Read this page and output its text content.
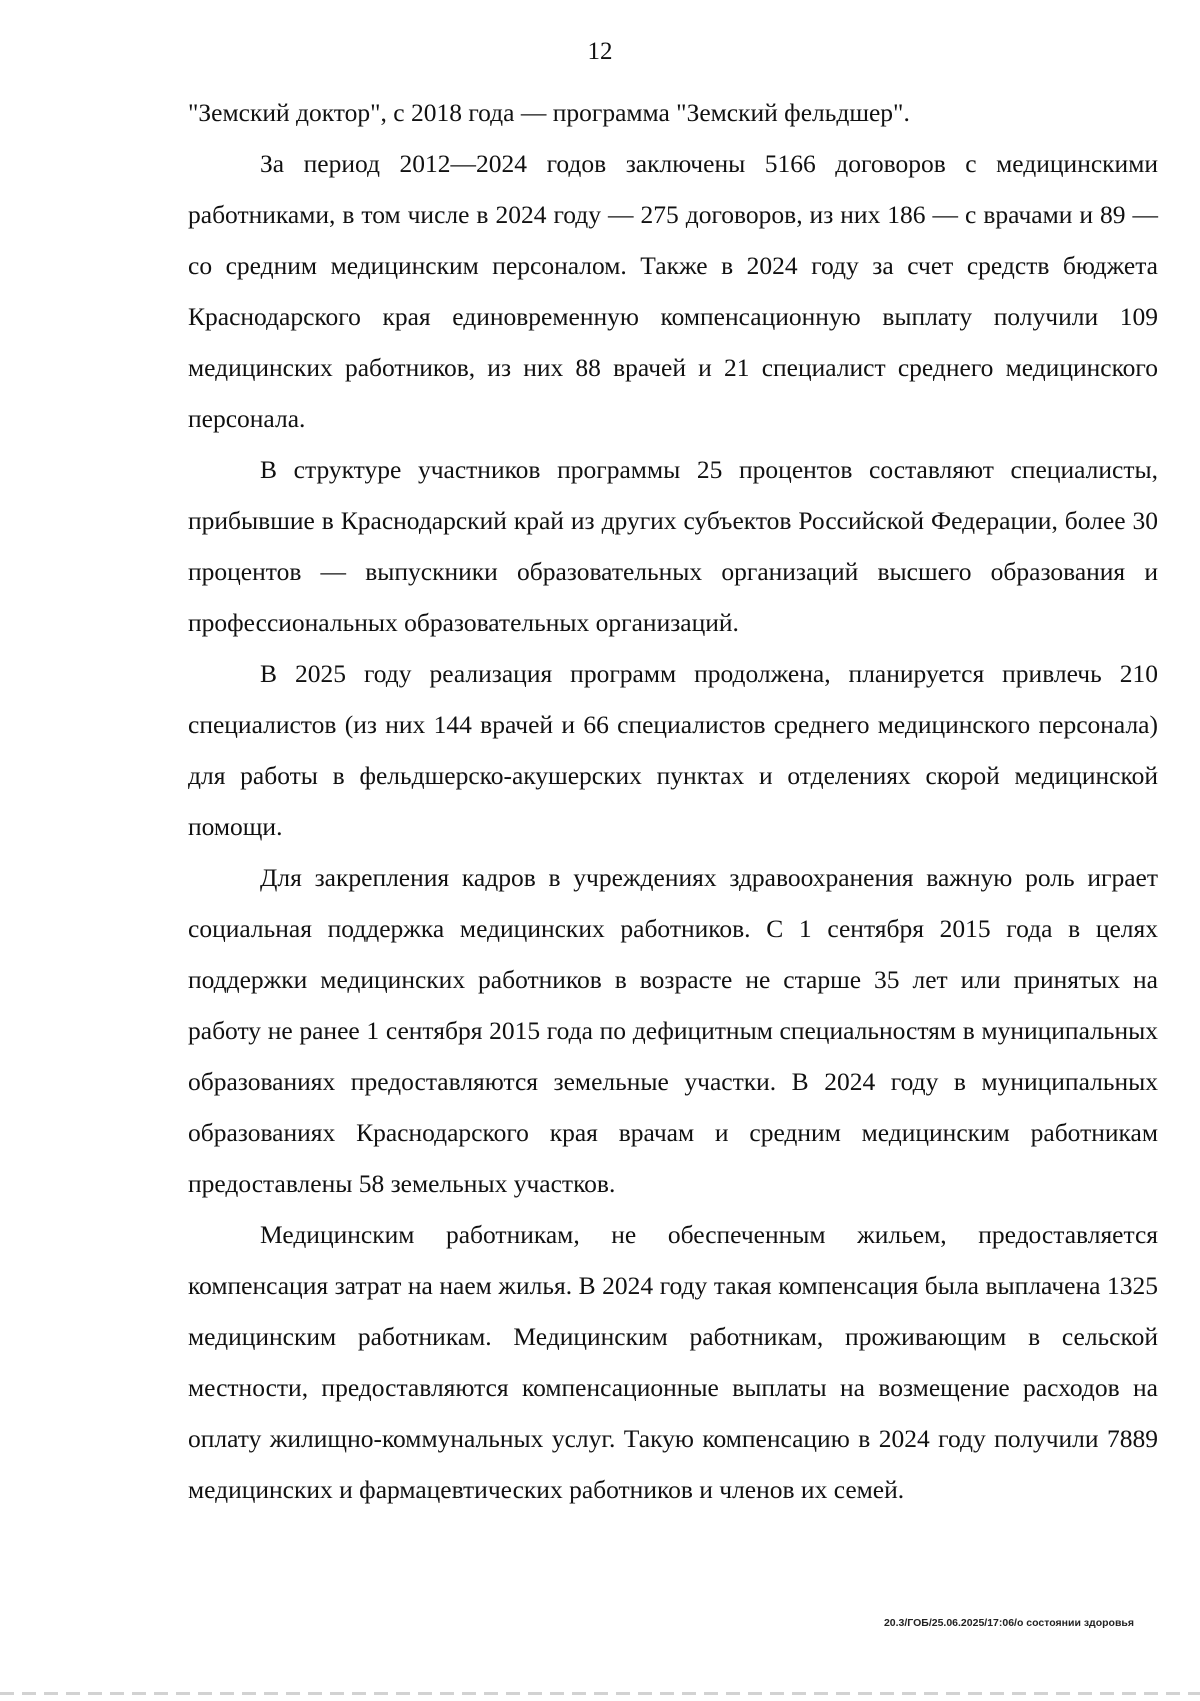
12

"Земский доктор", с 2018 года — программа "Земский фельдшер".

За период 2012—2024 годов заключены 5166 договоров с медицинскими работниками, в том числе в 2024 году — 275 договоров, из них 186 — с врачами и 89 — со средним медицинским персоналом. Также в 2024 году за счет средств бюджета Краснодарского края единовременную компенсационную выплату получили 109 медицинских работников, из них 88 врачей и 21 специалист среднего медицинского персонала.

В структуре участников программы 25 процентов составляют специалисты, прибывшие в Краснодарский край из других субъектов Российской Федерации, более 30 процентов — выпускники образовательных организаций высшего образования и профессиональных образовательных организаций.

В 2025 году реализация программ продолжена, планируется привлечь 210 специалистов (из них 144 врачей и 66 специалистов среднего медицинского персонала) для работы в фельдшерско-акушерских пунктах и отделениях скорой медицинской помощи.

Для закрепления кадров в учреждениях здравоохранения важную роль играет социальная поддержка медицинских работников. С 1 сентября 2015 года в целях поддержки медицинских работников в возрасте не старше 35 лет или принятых на работу не ранее 1 сентября 2015 года по дефицитным специальностям в муниципальных образованиях предоставляются земельные участки. В 2024 году в муниципальных образованиях Краснодарского края врачам и средним медицинским работникам предоставлены 58 земельных участков.

Медицинским работникам, не обеспеченным жильем, предоставляется компенсация затрат на наем жилья. В 2024 году такая компенсация была выплачена 1325 медицинским работникам. Медицинским работникам, проживающим в сельской местности, предоставляются компенсационные выплаты на возмещение расходов на оплату жилищно-коммунальных услуг. Такую компенсацию в 2024 году получили 7889 медицинских и фармацевтических работников и членов их семей.

20.3/ГОБ/25.06.2025/17:06/о состоянии здоровья
